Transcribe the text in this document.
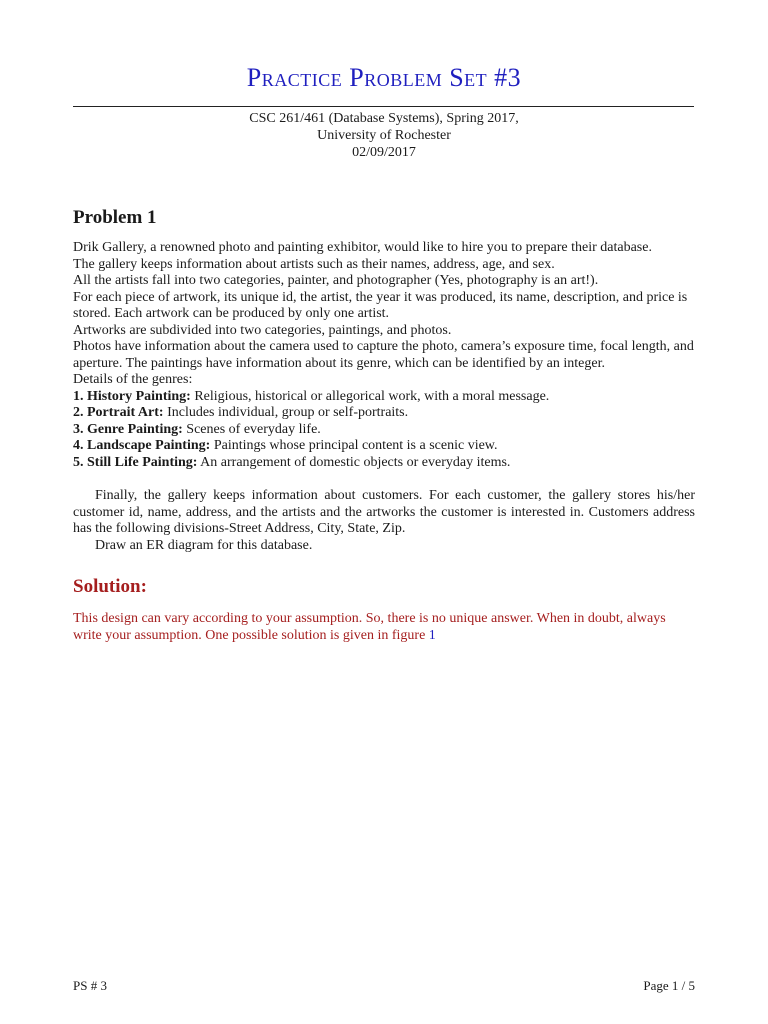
Practice Problem Set #3
CSC 261/461 (Database Systems), Spring 2017,
University of Rochester
02/09/2017
Problem 1

Drik Gallery, a renowned photo and painting exhibitor, would like to hire you to prepare their database.

The gallery keeps information about artists such as their names, address, age, and sex.

All the artists fall into two categories, painter, and photographer (Yes, photography is an art!).

For each piece of artwork, its unique id, the artist, the year it was produced, its name, description, and price is stored. Each artwork can be produced by only one artist.

Artworks are subdivided into two categories, paintings, and photos.

Photos have information about the camera used to capture the photo, camera’s exposure time, focal length, and aperture. The paintings have information about its genre, which can be identified by an integer.

Details of the genres:

1. History Painting: Religious, historical or allegorical work, with a moral message.

2. Portrait Art: Includes individual, group or self-portraits.

3. Genre Painting: Scenes of everyday life.

4. Landscape Painting: Paintings whose principal content is a scenic view.

5. Still Life Painting: An arrangement of domestic objects or everyday items.

Finally, the gallery keeps information about customers. For each customer, the gallery stores his/her customer id, name, address, and the artists and the artworks the customer is interested in. Customers address has the following divisions-Street Address, City, State, Zip.

Draw an ER diagram for this database.

Solution:
This design can vary according to your assumption. So, there is no unique answer. When in doubt, always write your assumption. One possible solution is given in figure 1
PS # 3	Page 1 / 5
